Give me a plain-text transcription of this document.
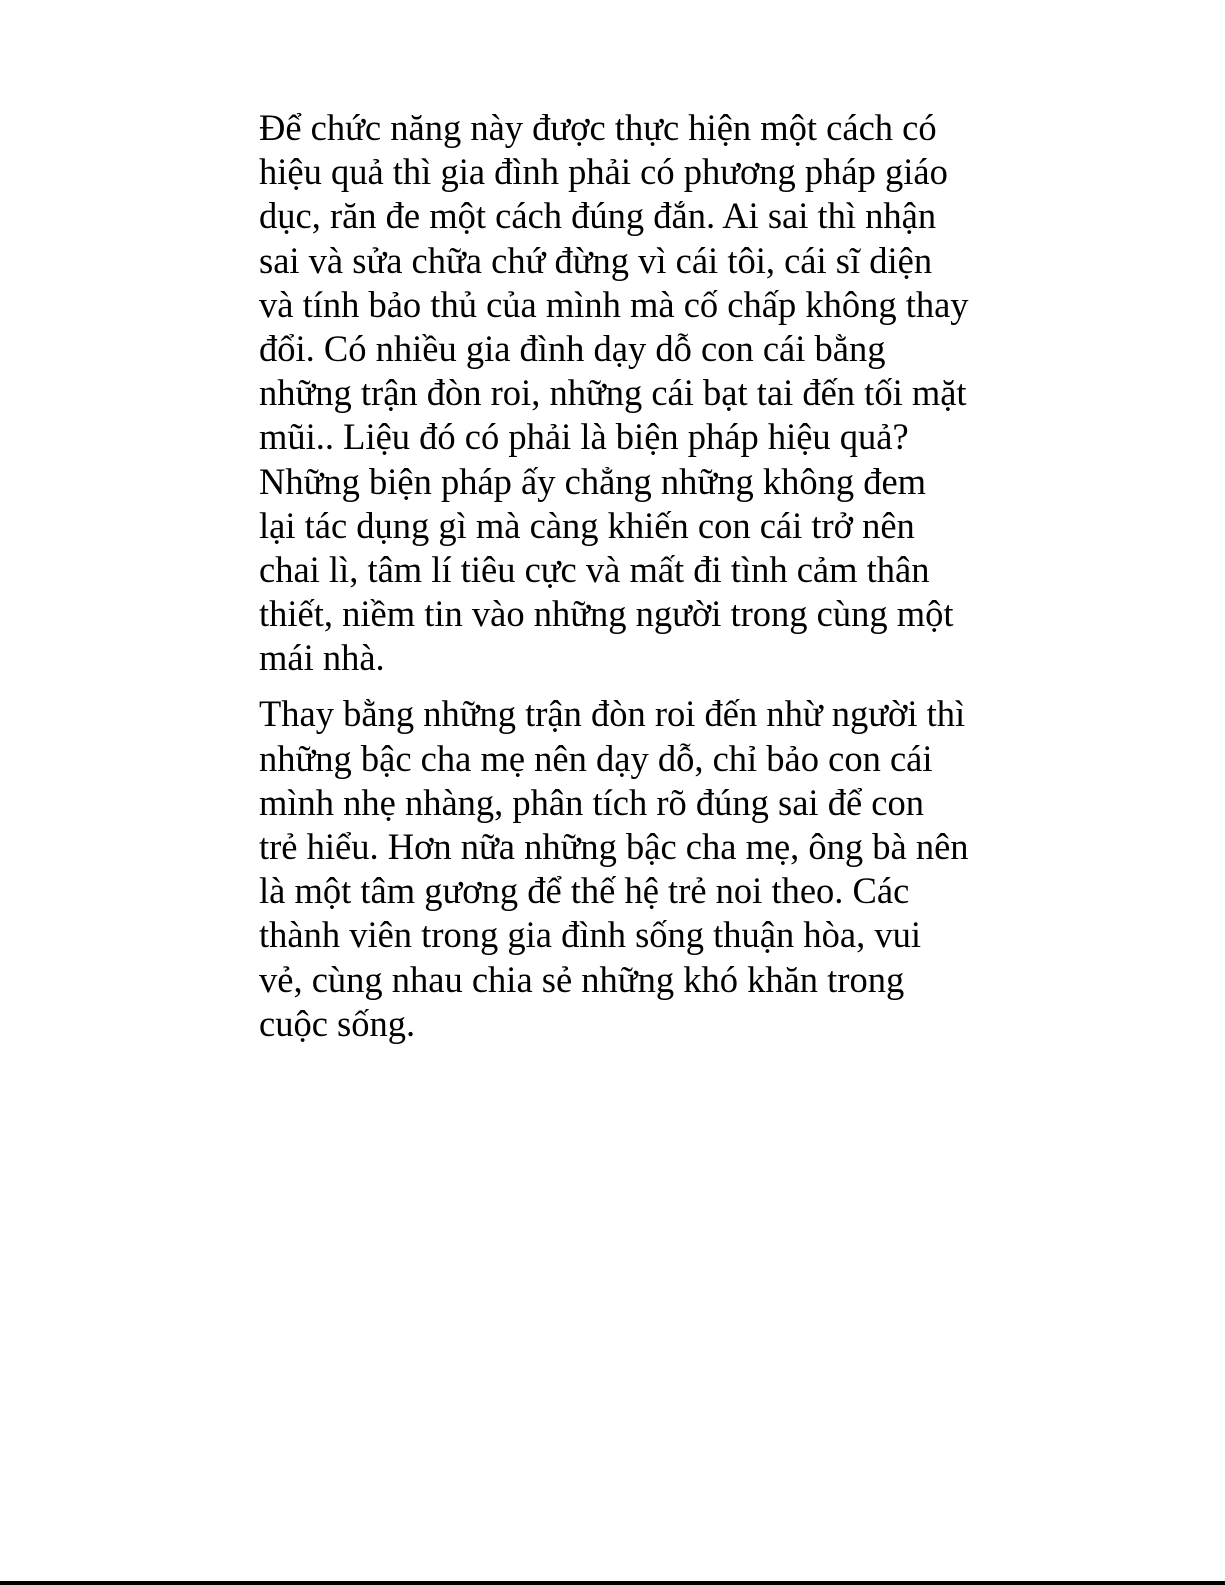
Để chức năng này được thực hiện một cách có
hiệu quả thì gia đình phải có phương pháp giáo
dục, răn đe một cách đúng đắn. Ai sai thì nhận
sai và sửa chữa chứ đừng vì cái tôi, cái sĩ diện
và tính bảo thủ của mình mà cố chấp không thay
đổi. Có nhiều gia đình dạy dỗ con cái bằng
những trận đòn roi, những cái bạt tai đến tối mặt
mũi.. Liệu đó có phải là biện pháp hiệu quả?
Những biện pháp ấy chẳng những không đem
lại tác dụng gì mà càng khiến con cái trở nên
chai lì, tâm lí tiêu cực và mất đi tình cảm thân
thiết, niềm tin vào những người trong cùng một
mái nhà.

Thay bằng những trận đòn roi đến nhừ người thì
những bậc cha mẹ nên dạy dỗ, chỉ bảo con cái
mình nhẹ nhàng, phân tích rõ đúng sai để con
trẻ hiểu. Hơn nữa những bậc cha mẹ, ông bà nên
là một tâm gương để thế hệ trẻ noi theo. Các
thành viên trong gia đình sống thuận hòa, vui
vẻ, cùng nhau chia sẻ những khó khăn trong
cuộc sống.
